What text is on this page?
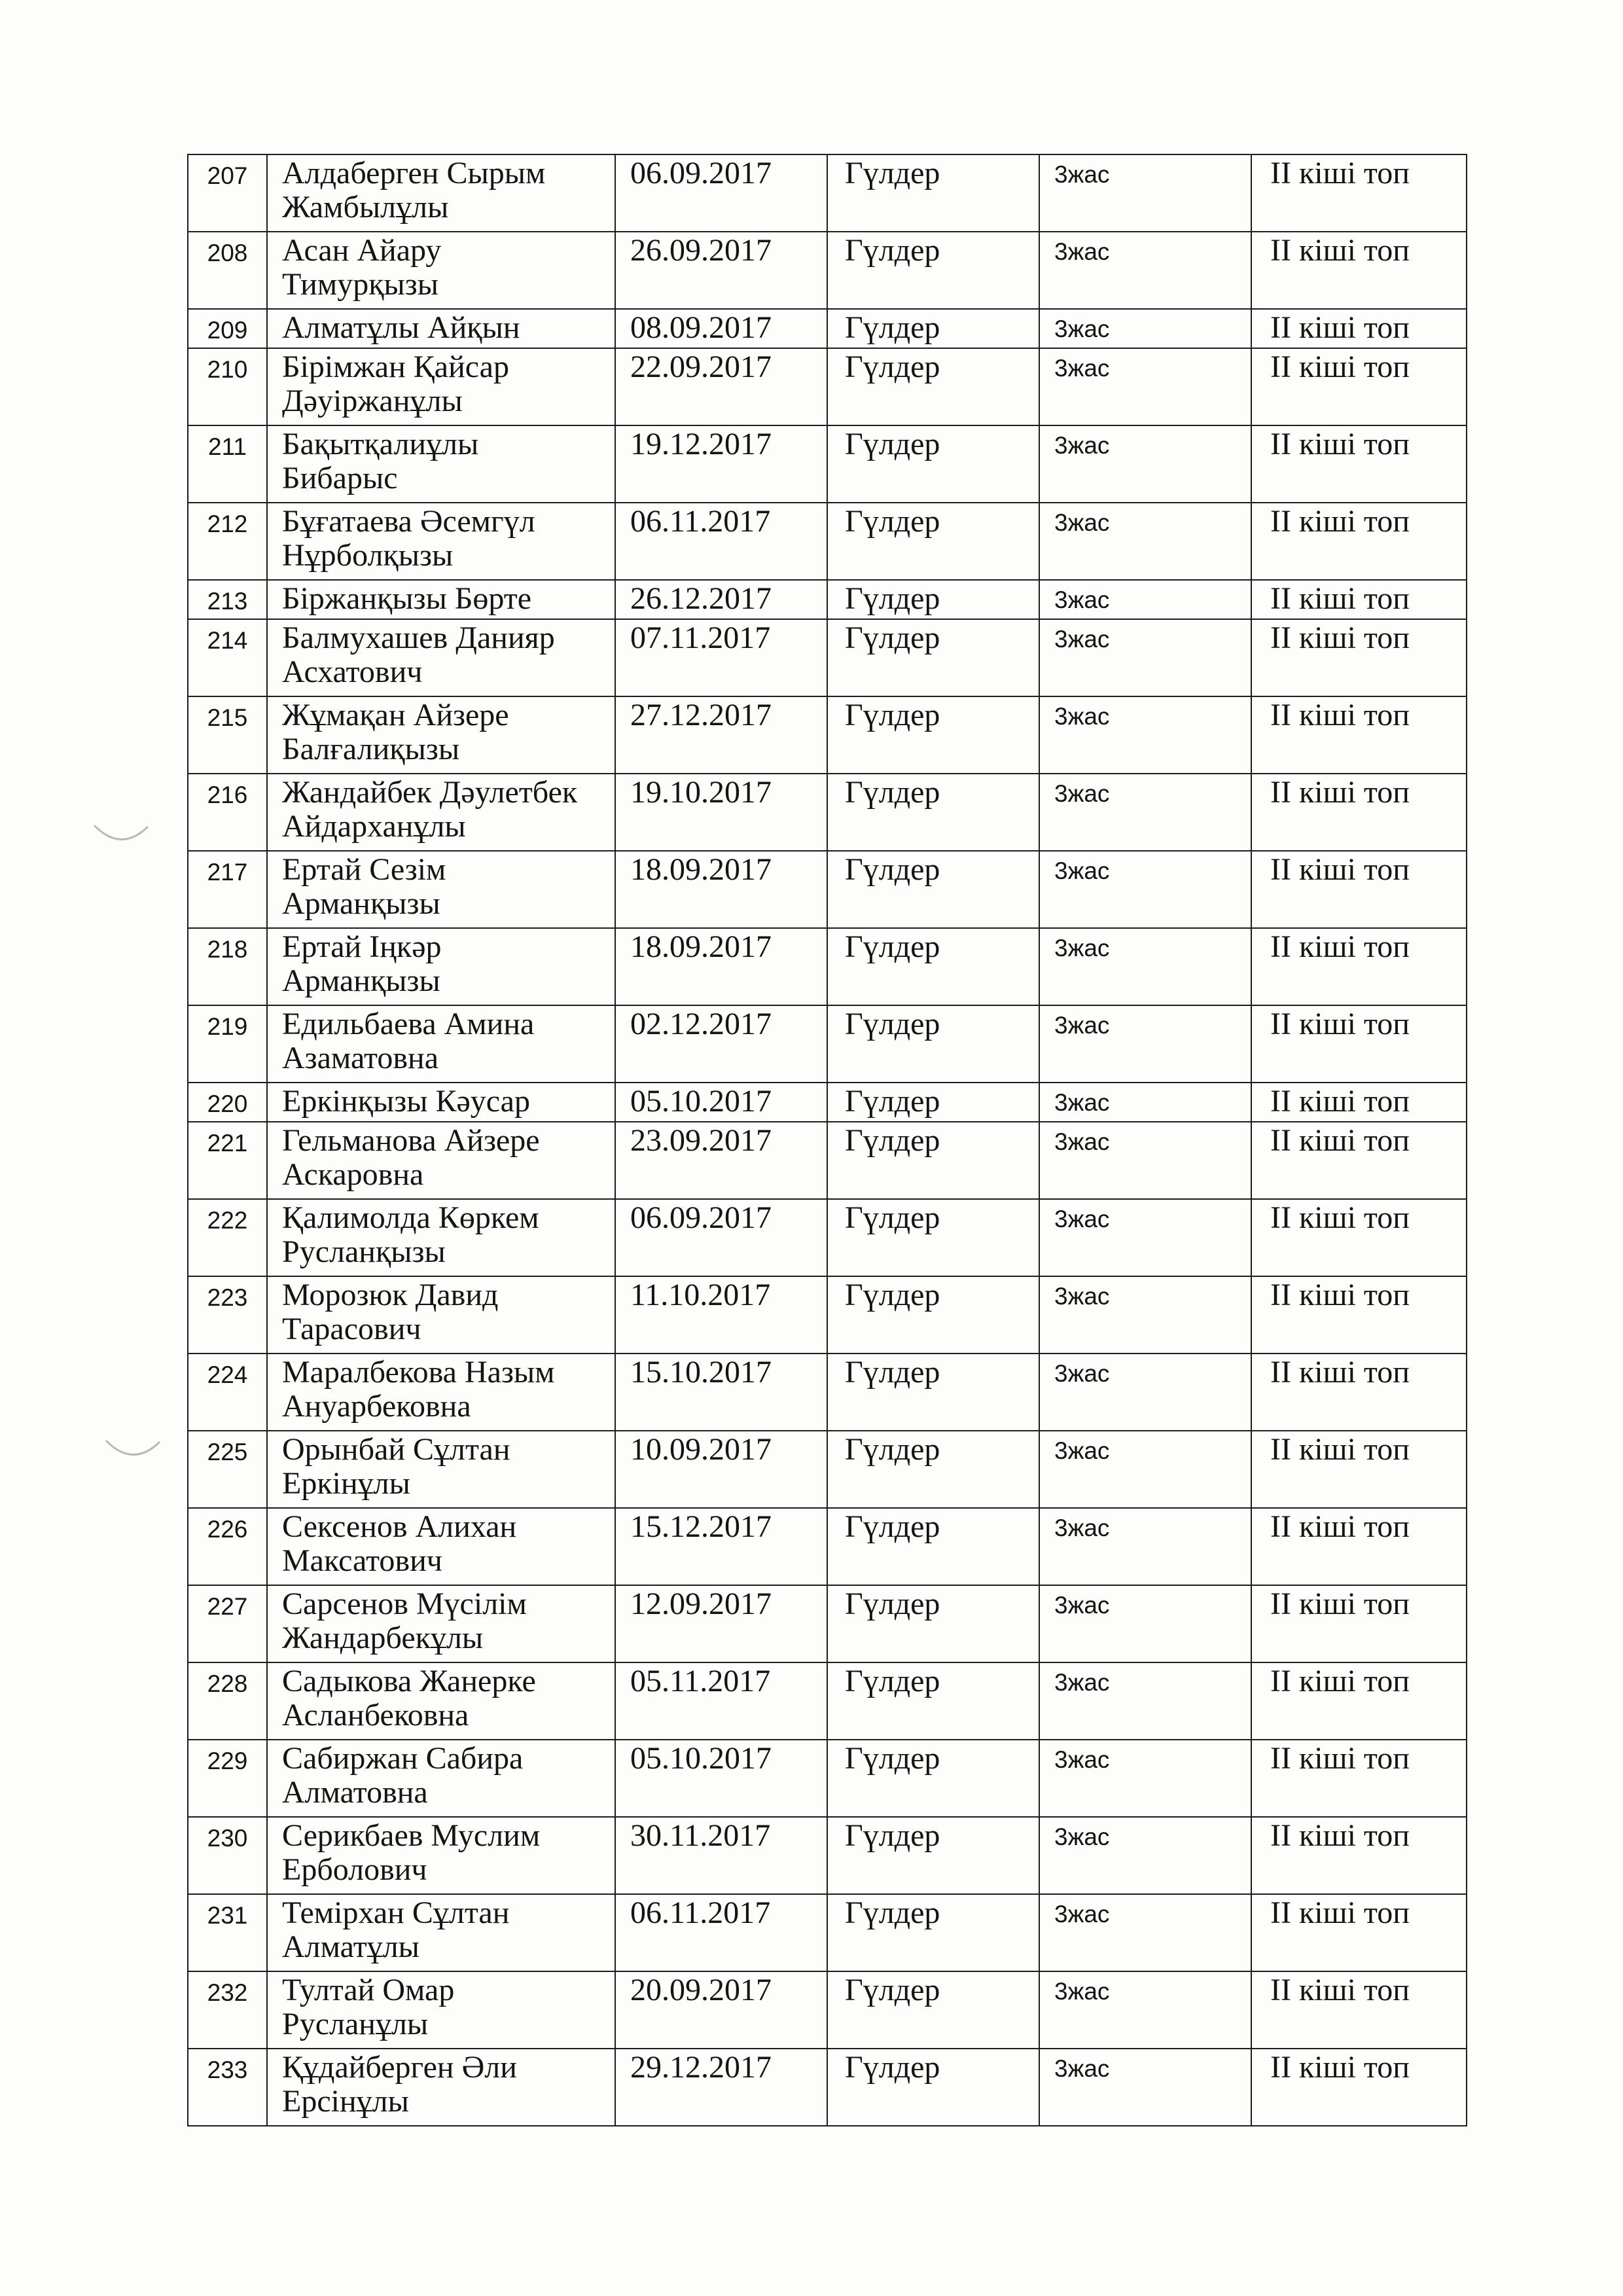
207	Алдаберген Сырым
Жамбылұлы	06.09.2017	Гүлдер	3жас	II кіші топ
208	Асан Айару
Тимурқызы	26.09.2017	Гүлдер	3жас	II кіші топ
209	Алматұлы Айқын	08.09.2017	Гүлдер	3жас	II кіші топ
210	Бірімжан Қайсар
Дәуіржанұлы	22.09.2017	Гүлдер	3жас	II кіші топ
211	Бақытқалиұлы
Бибарыс	19.12.2017	Гүлдер	3жас	II кіші топ
212	Бұғатаева Әсемгүл
Нұрболқызы	06.11.2017	Гүлдер	3жас	II кіші топ
213	Біржанқызы Бөрте	26.12.2017	Гүлдер	3жас	II кіші топ
214	Балмухашев Данияр
Асхатович	07.11.2017	Гүлдер	3жас	II кіші топ
215	Жұмақан Айзере
Балғалиқызы	27.12.2017	Гүлдер	3жас	II кіші топ
216	Жандайбек Дәулетбек
Айдарханұлы	19.10.2017	Гүлдер	3жас	II кіші топ
217	Ертай Сезім
Арманқызы	18.09.2017	Гүлдер	3жас	II кіші топ
218	Ертай Іңкәр
Арманқызы	18.09.2017	Гүлдер	3жас	II кіші топ
219	Едильбаева Амина
Азаматовна	02.12.2017	Гүлдер	3жас	II кіші топ
220	Еркінқызы Кәусар	05.10.2017	Гүлдер	3жас	II кіші топ
221	Гельманова Айзере
Аскаровна	23.09.2017	Гүлдер	3жас	II кіші топ
222	Қалимолда Көркем
Русланқызы	06.09.2017	Гүлдер	3жас	II кіші топ
223	Морозюк Давид
Тарасович	11.10.2017	Гүлдер	3жас	II кіші топ
224	Маралбекова Назым
Ануарбековна	15.10.2017	Гүлдер	3жас	II кіші топ
225	Орынбай Сұлтан
Еркінұлы	10.09.2017	Гүлдер	3жас	II кіші топ
226	Сексенов Алихан
Максатович	15.12.2017	Гүлдер	3жас	II кіші топ
227	Сарсенов Мүсілім
Жандарбекұлы	12.09.2017	Гүлдер	3жас	II кіші топ
228	Садыкова Жанерке
Асланбековна	05.11.2017	Гүлдер	3жас	II кіші топ
229	Сабиржан Сабира
Алматовна	05.10.2017	Гүлдер	3жас	II кіші топ
230	Серикбаев Муслим
Ерболович	30.11.2017	Гүлдер	3жас	II кіші топ
231	Темірхан Сұлтан
Алматұлы	06.11.2017	Гүлдер	3жас	II кіші топ
232	Тултай Омар
Русланұлы	20.09.2017	Гүлдер	3жас	II кіші топ
233	Құдайберген Әли
Ерсінұлы	29.12.2017	Гүлдер	3жас	II кіші топ
